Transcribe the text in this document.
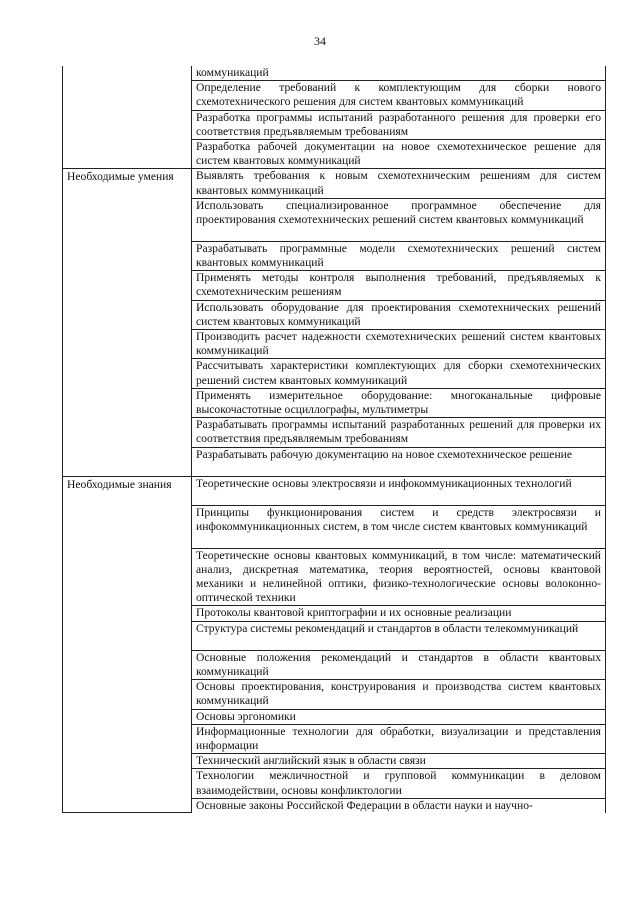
34
	коммуникаций
	Определение требований к комплектующим для сборки нового схемотехнического решения для систем квантовых коммуникаций
	Разработка программы испытаний разработанного решения для проверки его соответствия предъявляемым требованиям
	Разработка рабочей документации на новое схемотехническое решение для систем квантовых коммуникаций
Необходимые умения	Выявлять требования к новым схемотехническим решениям для систем квантовых коммуникаций
	Использовать специализированное программное обеспечение для проектирования схемотехнических решений систем квантовых коммуникаций
	Разрабатывать программные модели схемотехнических решений систем квантовых коммуникаций
	Применять методы контроля выполнения требований, предъявляемых к схемотехническим решениям
	Использовать оборудование для проектирования схемотехнических решений систем квантовых коммуникаций
	Производить расчет надежности схемотехнических решений систем квантовых коммуникаций
	Рассчитывать характеристики комплектующих для сборки схемотехнических решений систем квантовых коммуникаций
	Применять измерительное оборудование: многоканальные цифровые высокочастотные осциллографы, мультиметры
	Разрабатывать программы испытаний разработанных решений для проверки их соответствия предъявляемым требованиям
	Разрабатывать рабочую документацию на новое схемотехническое решение
Необходимые знания	Теоретические основы электросвязи и инфокоммуникационных технологий
	Принципы функционирования систем и средств электросвязи и инфокоммуникационных систем, в том числе систем квантовых коммуникаций
	Теоретические основы квантовых коммуникаций, в том числе: математический анализ, дискретная математика, теория вероятностей, основы квантовой механики и нелинейной оптики, физико-технологические основы волоконно-оптической техники
	Протоколы квантовой криптографии и их основные реализации
	Структура системы рекомендаций и стандартов в области телекоммуникаций
	Основные положения рекомендаций и стандартов в области квантовых коммуникаций
	Основы проектирования, конструирования и производства систем квантовых коммуникаций
	Основы эргономики
	Информационные технологии для обработки, визуализации и представления информации
	Технический английский язык в области связи
	Технологии межличностной и групповой коммуникации в деловом взаимодействии, основы конфликтологии
	Основные законы Российской Федерации в области науки и научно-
